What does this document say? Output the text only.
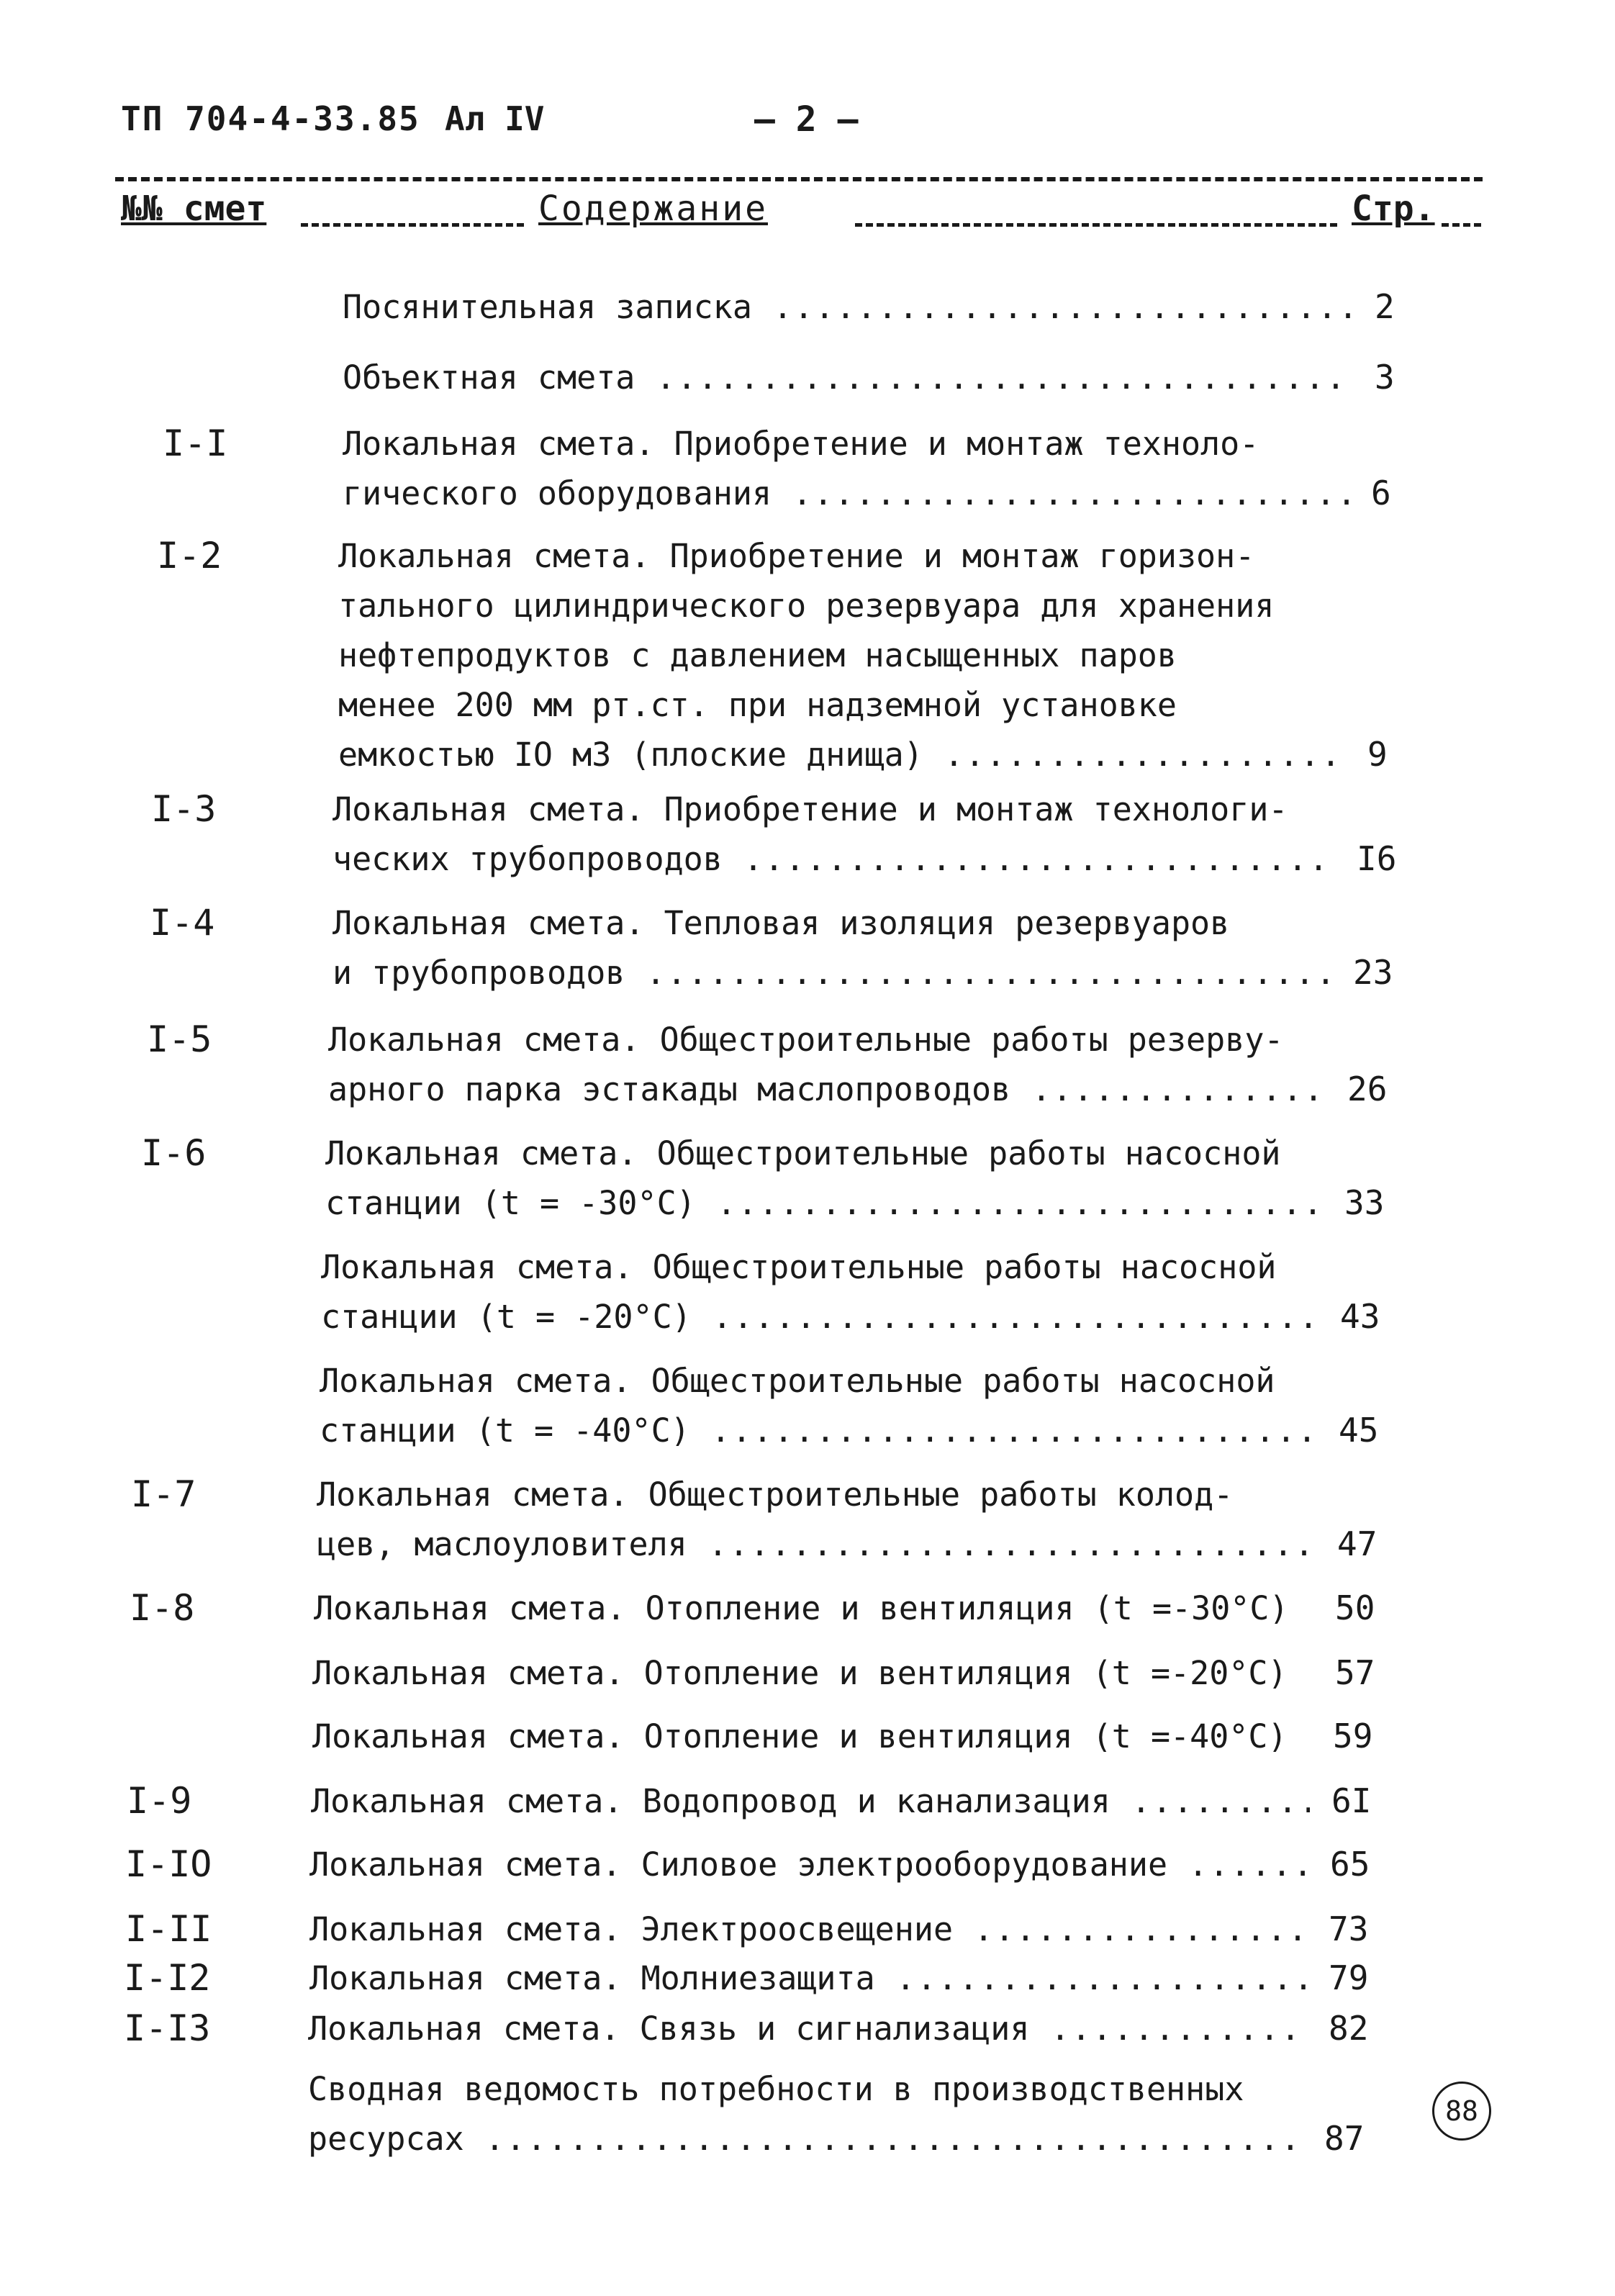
ТП 704-4-33.85 Ал IV	– 2 –
№№ смет	Содержание	Стр.
Посянительная записка .....	2
Объектная смета .....	3
I-I	Локальная смета. Приобретение и монтаж техноло-
гического оборудования .....	6
I-2	Локальная смета. Приобретение и монтаж горизон-
тального цилиндрического резервуара для хранения
нефтепродуктов с давлением насыщенных паров
менее 200 мм рт.ст. при надземной установке
емкостью IO м3 (плоские днища) .....	9
I-3	Локальная смета. Приобретение и монтаж технологи-
ческих трубопроводов .....	I6
I-4	Локальная смета. Тепловая изоляция резервуаров
и трубопроводов .....	23
I-5	Локальная смета. Общестроительные работы резерву-
арного парка эстакады маслопроводов .....	26
I-6	Локальная смета. Общестроительные работы насосной
станции (t = -30°C) .....	33
Локальная смета. Общестроительные работы насосной
станции (t = -20°C) .....	43
Локальная смета. Общестроительные работы насосной
станции (t = -40°C) .....	45
I-7	Локальная смета. Общестроительные работы колод-
цев, маслоуловителя .....	47
I-8	Локальная смета. Отопление и вентиляция (t =-30°C) .....	50
Локальная смета. Отопление и вентиляция (t =-20°C) .....	57
Локальная смета. Отопление и вентиляция (t =-40°C) .....	59
I-9	Локальная смета. Водопровод и канализация .....	6I
I-IO	Локальная смета. Силовое электрооборудование .....	65
I-II	Локальная смета. Электроосвещение .....	73
I-I2	Локальная смета. Молниезащита .....	79
I-I3	Локальная смета. Связь и сигнализация .....	82
Сводная ведомость потребности в производственных
ресурсах .....	87
88
